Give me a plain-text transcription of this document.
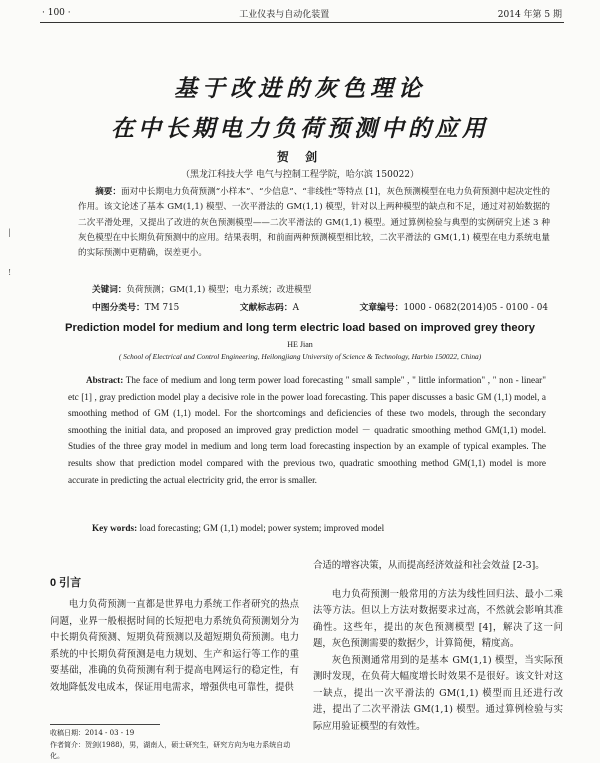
· 100 ·	工业仪表与自动化装置	2014 年第 5 期
基于改进的灰色理论
在中长期电力负荷预测中的应用
贺 剑
（黑龙江科技大学 电气与控制工程学院，哈尔滨 150022）
摘要：面对中长期电力负荷预测“小样本”、“少信息”、“非线性”等特点 [1]，灰色预测模型在电力负荷预测中起决定性的作用。该文论述了基本 GM(1,1) 模型、一次平滑法的 GM(1,1) 模型，针对以上两种模型的缺点和不足，通过对初始数据的二次平滑处理，又提出了改进的灰色预测模型——二次平滑法的 GM(1,1) 模型。通过算例检验与典型的实例研究上述 3 种灰色模型在中长期负荷预测中的应用。结果表明，和前面两种预测模型相比较，二次平滑法的 GM(1,1) 模型在电力系统电量的实际预测中更精确，误差更小。
关键词：负荷预测；GM(1,1) 模型；电力系统；改进模型
中图分类号：TM 715	文献标志码：A	文章编号：1000 - 0682(2014)05 - 0100 - 04
Prediction model for medium and long term electric load based on improved grey theory
HE Jian
( School of Electrical and Control Engineering, Heilongjiang University of Science & Technology, Harbin 150022, China)
Abstract: The face of medium and long term power load forecasting " small sample" , " little information" , " non - linear" etc [1] , gray prediction model play a decisive role in the power load forecasting. This paper discusses a basic GM (1,1) model, a smoothing method of GM (1,1) model. For the shortcomings and deficiencies of these two models, through the secondary smoothing the initial data, and proposed an improved gray prediction model － quadratic smoothing method GM(1,1) model. Studies of the three gray model in medium and long term load forecasting inspection by an example of typical examples. The results show that prediction model compared with the previous two, quadratic smoothing method GM(1,1) model is more accurate in predicting the actual electricity grid, the error is smaller.
Key words: load forecasting; GM (1,1) model; power system; improved model
|
!
0 引言

电力负荷预测一直都是世界电力系统工作者研究的热点问题，业界一般根据时间的长短把电力系统负荷预测划分为中长期负荷预测、短期负荷预测以及超短期负荷预测。电力系统的中长期负荷预测是电力规划、生产和运行等工作的重要基础，准确的负荷预测有利于提高电网运行的稳定性，有效地降低发电成本，保证用电需求，增强供电可靠性，提供

收稿日期：2014 - 03 - 19
作者简介：贺剑(1988)，男，湖南人，硕士研究生，研究方向为电力系统自动化。

合适的增容决策，从而提高经济效益和社会效益 [2-3]。

电力负荷预测一般常用的方法为线性回归法、最小二乘法等方法。但以上方法对数据要求过高，不然就会影响其准确性。这些年，提出的灰色预测模型 [4]，解决了这一问题，灰色预测需要的数据少，计算简便，精度高。

灰色预测通常用到的是基本 GM(1,1) 模型，当实际预测时发现，在负荷大幅度增长时效果不是很好。该文针对这一缺点，提出一次平滑法的 GM(1,1) 模型而且还进行改进，提出了二次平滑法 GM(1,1) 模型。通过算例检验与实际应用验证模型的有效性。
